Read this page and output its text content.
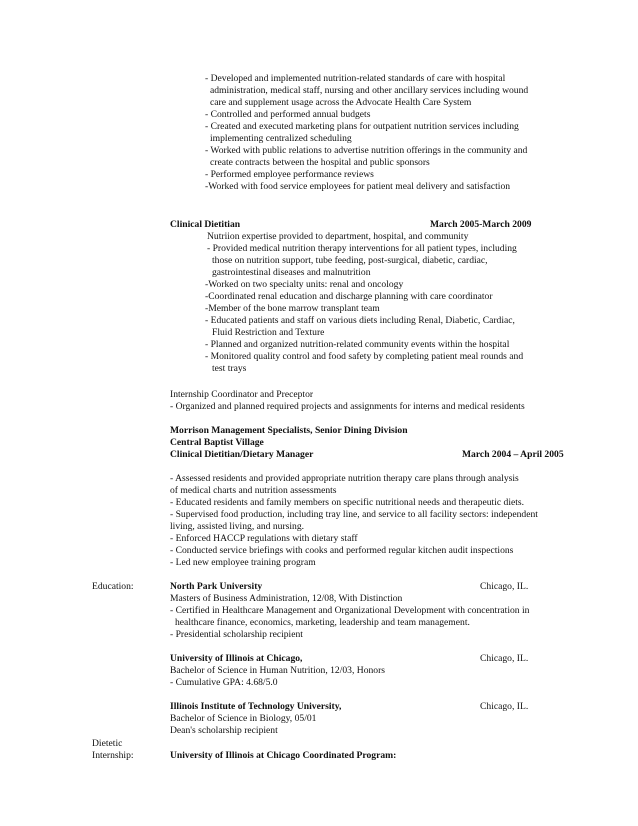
- Developed and implemented nutrition-related standards of care with hospital
administration, medical staff, nursing and other ancillary services including wound
care and supplement usage across the Advocate Health Care System
- Controlled and performed annual budgets
- Created and executed marketing plans for outpatient nutrition services including
implementing centralized scheduling
- Worked with public relations to advertise nutrition offerings in the community and
create contracts between the hospital and public sponsors
- Performed employee performance reviews
-Worked with food service employees for patient meal delivery and satisfaction
Clinical Dietitian	March 2005-March 2009
Nutriion expertise provided to department, hospital, and community
- Provided medical nutrition therapy interventions for all patient types, including
those on nutrition support, tube feeding, post-surgical, diabetic, cardiac,
gastrointestinal diseases and malnutrition
-Worked on two specialty units: renal and oncology
-Coordinated renal education and discharge planning with care coordinator
-Member of the bone marrow transplant team
- Educated patients and staff on various diets including Renal, Diabetic, Cardiac,
Fluid Restriction and Texture
- Planned and organized nutrition-related community events within the hospital
- Monitored quality control and food safety by completing patient meal rounds and
test trays
Internship Coordinator and Preceptor
- Organized and planned required projects and assignments for interns and medical residents
Morrison Management Specialists, Senior Dining Division
Central Baptist Village
Clinical Dietitian/Dietary Manager	March 2004 – April 2005
- Assessed residents and provided appropriate nutrition therapy care plans through analysis
of medical charts and nutrition assessments
- Educated residents and family members on specific nutritional needs and therapeutic diets.
- Supervised food production, including tray line, and service to all facility sectors: independent
living, assisted living, and nursing.
- Enforced HACCP regulations with dietary staff
- Conducted service briefings with cooks and performed regular kitchen audit inspections
- Led new employee training program
Education:	North Park University	Chicago, IL.
Masters of Business Administration, 12/08, With Distinction
- Certified in Healthcare Management and Organizational Development with concentration in
healthcare finance, economics, marketing, leadership and team management.
- Presidential scholarship recipient
University of Illinois at Chicago,	Chicago, IL.
Bachelor of Science in Human Nutrition, 12/03, Honors
- Cumulative GPA: 4.68/5.0
Illinois Institute of Technology University,	Chicago, IL.
Bachelor of Science in Biology, 05/01
Dean's scholarship recipient
Dietetic
Internship:	University of Illinois at Chicago Coordinated Program:
